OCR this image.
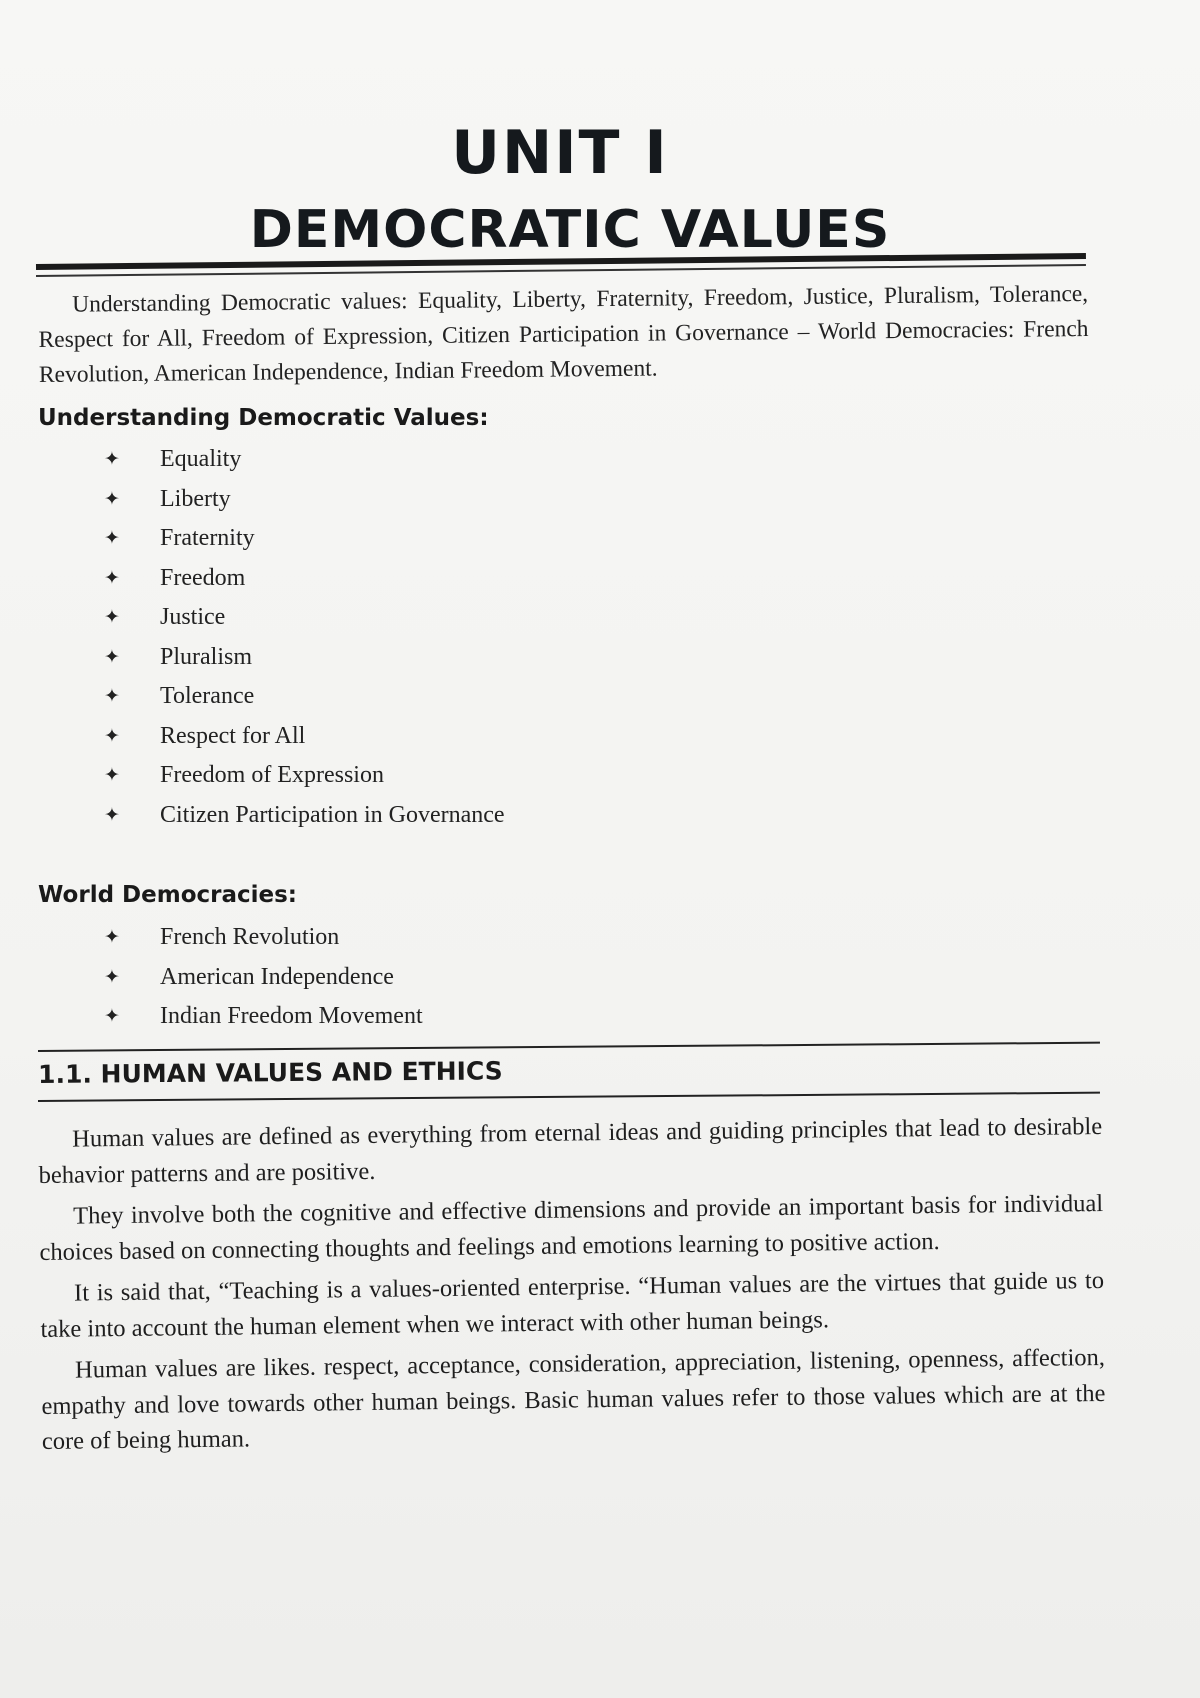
UNIT I
DEMOCRATIC VALUES
Understanding Democratic values: Equality, Liberty, Fraternity, Freedom, Justice, Pluralism, Tolerance, Respect for All, Freedom of Expression, Citizen Participation in Governance – World Democracies: French Revolution, American Independence, Indian Freedom Movement.
Understanding Democratic Values:
✦	Equality
✦	Liberty
✦	Fraternity
✦	Freedom
✦	Justice
✦	Pluralism
✦	Tolerance
✦	Respect for All
✦	Freedom of Expression
✦	Citizen Participation in Governance
World Democracies:
✦	French Revolution
✦	American Independence
✦	Indian Freedom Movement
1.1. HUMAN VALUES AND ETHICS

Human values are defined as everything from eternal ideas and guiding principles that lead to desirable behavior patterns and are positive.

They involve both the cognitive and effective dimensions and provide an important basis for individual choices based on connecting thoughts and feelings and emotions learning to positive action.

It is said that, “Teaching is a values-oriented enterprise. “Human values are the virtues that guide us to take into account the human element when we interact with other human beings.

Human values are likes. respect, acceptance, consideration, appreciation, listening, openness, affection, empathy and love towards other human beings. Basic human values refer to those values which are at the core of being human.
